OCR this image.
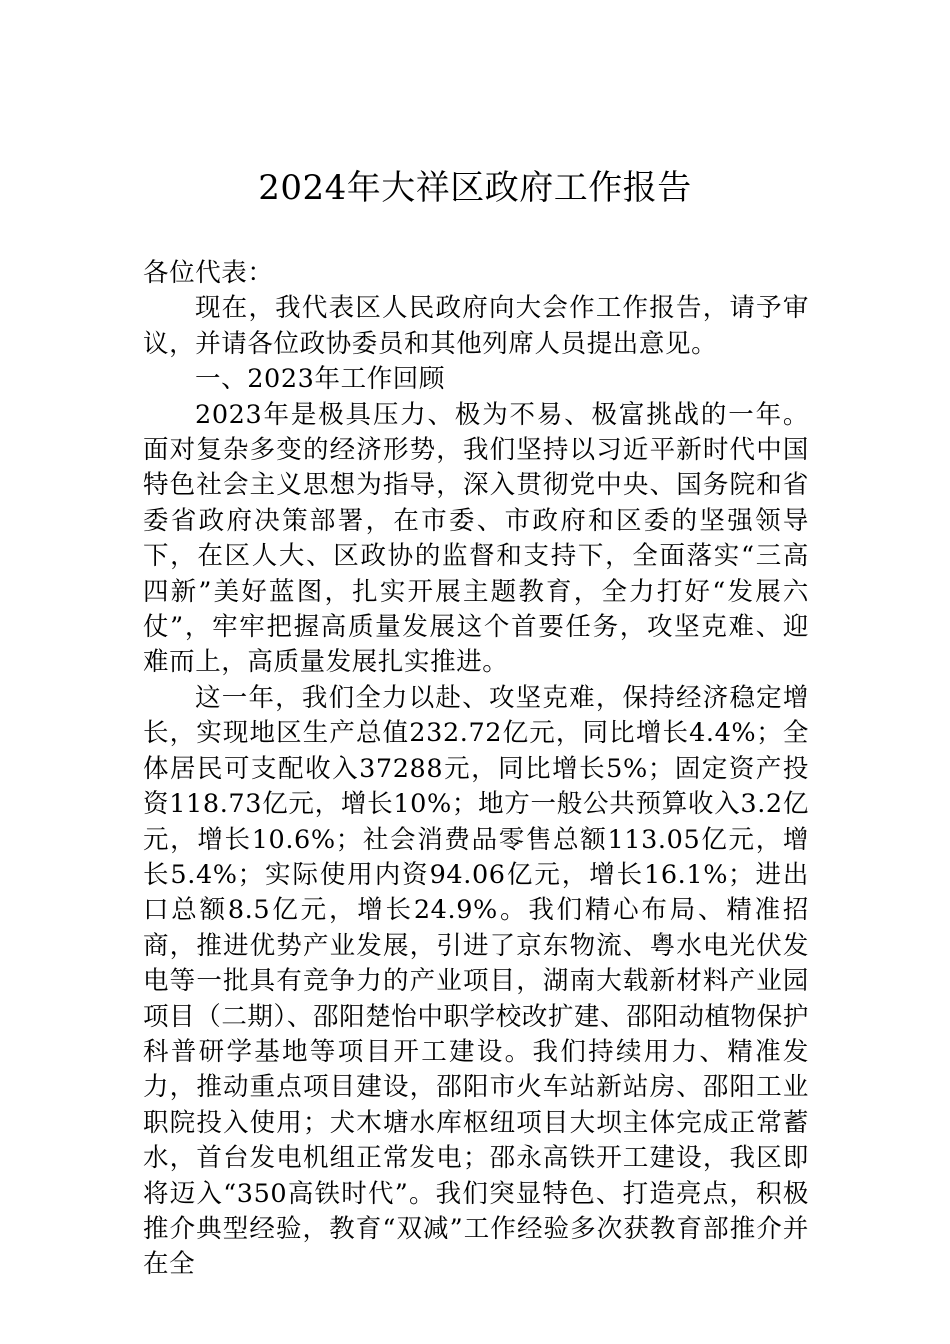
2024年大祥区政府工作报告

各位代表：

现在，我代表区人民政府向大会作工作报告，请予审议，并请各位政协委员和其他列席人员提出意见。

一、2023年工作回顾

2023年是极具压力、极为不易、极富挑战的一年。面对复杂多变的经济形势，我们坚持以习近平新时代中国特色社会主义思想为指导，深入贯彻党中央、国务院和省委省政府决策部署，在市委、市政府和区委的坚强领导下，在区人大、区政协的监督和支持下，全面落实“三高四新”美好蓝图，扎实开展主题教育，全力打好“发展六仗”，牢牢把握高质量发展这个首要任务，攻坚克难、迎难而上，高质量发展扎实推进。

这一年，我们全力以赴、攻坚克难，保持经济稳定增长，实现地区生产总值232.72亿元，同比增长4.4%；全体居民可支配收入37288元，同比增长5%；固定资产投资118.73亿元，增长10%；地方一般公共预算收入3.2亿元，增长10.6%；社会消费品零售总额113.05亿元，增长5.4%；实际使用内资94.06亿元，增长16.1%；进出口总额8.5亿元，增长24.9%。我们精心布局、精准招商，推进优势产业发展，引进了京东物流、粤水电光伏发电等一批具有竞争力的产业项目，湖南大载新材料产业园项目（二期）、邵阳楚怡中职学校改扩建、邵阳动植物保护科普研学基地等项目开工建设。我们持续用力、精准发力，推动重点项目建设，邵阳市火车站新站房、邵阳工业职院投入使用；犬木塘水库枢纽项目大坝主体完成正常蓄水，首台发电机组正常发电；邵永高铁开工建设，我区即将迈入“350高铁时代”。我们突显特色、打造亮点，积极推介典型经验，教育“双减”工作经验多次获教育部推介并在全
